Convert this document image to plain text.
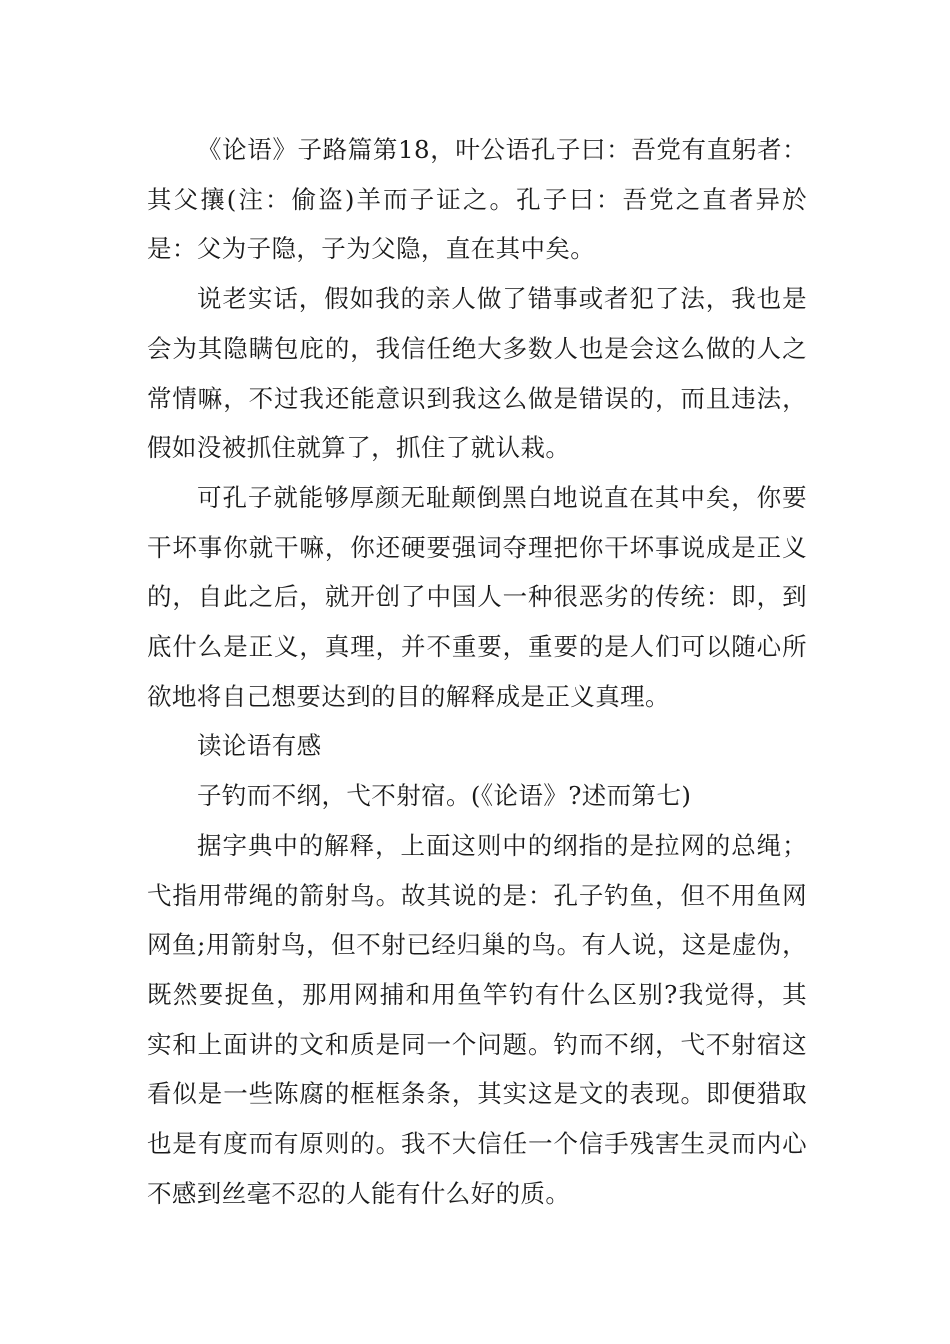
《论语》子路篇第18，叶公语孔子曰：吾党有直躬者：其父攘(注：偷盗)羊而子证之。孔子曰：吾党之直者异於是：父为子隐，子为父隐，直在其中矣。

说老实话，假如我的亲人做了错事或者犯了法，我也是会为其隐瞒包庇的，我信任绝大多数人也是会这么做的人之常情嘛，不过我还能意识到我这么做是错误的，而且违法，假如没被抓住就算了，抓住了就认栽。

可孔子就能够厚颜无耻颠倒黑白地说直在其中矣，你要干坏事你就干嘛，你还硬要强词夺理把你干坏事说成是正义的，自此之后，就开创了中国人一种很恶劣的传统：即，到底什么是正义，真理，并不重要，重要的是人们可以随心所欲地将自己想要达到的目的解释成是正义真理。

读论语有感

子钓而不纲，弋不射宿。(《论语》?述而第七)

据字典中的解释，上面这则中的纲指的是拉网的总绳；弋指用带绳的箭射鸟。故其说的是：孔子钓鱼，但不用鱼网网鱼;用箭射鸟，但不射已经归巢的鸟。有人说，这是虚伪，既然要捉鱼，那用网捕和用鱼竿钓有什么区别?我觉得，其实和上面讲的文和质是同一个问题。钓而不纲，弋不射宿这看似是一些陈腐的框框条条，其实这是文的表现。即便猎取也是有度而有原则的。我不大信任一个信手残害生灵而内心不感到丝毫不忍的人能有什么好的质。
